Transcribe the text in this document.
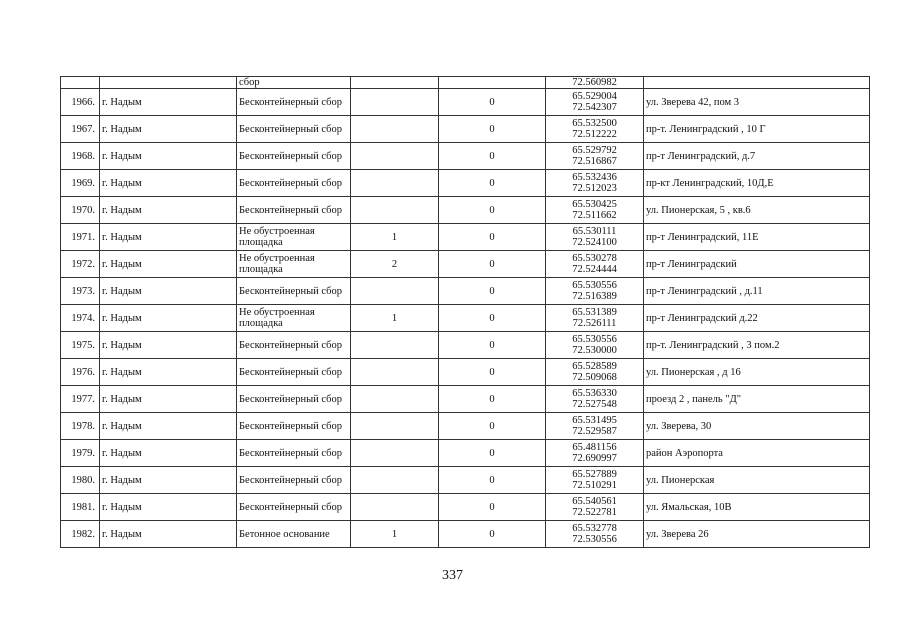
		сбор			72.560982	
1966.	г. Надым	Бесконтейнерный сбор		0	65.529004
72.542307	ул. Зверева 42, пом 3
1967.	г. Надым	Бесконтейнерный сбор		0	65.532500
72.512222	пр-т. Ленинградский , 10 Г
1968.	г. Надым	Бесконтейнерный сбор		0	65.529792
72.516867	пр-т Ленинградский, д.7
1969.	г. Надым	Бесконтейнерный сбор		0	65.532436
72.512023	пр-кт Ленинградский, 10Д,Е
1970.	г. Надым	Бесконтейнерный сбор		0	65.530425
72.511662	ул. Пионерская, 5 , кв.6
1971.	г. Надым	Не обустроенная площадка	1	0	65.530111
72.524100	пр-т Ленинградский, 11Е
1972.	г. Надым	Не обустроенная площадка	2	0	65.530278
72.524444	пр-т Ленинградский
1973.	г. Надым	Бесконтейнерный сбор		0	65.530556
72.516389	пр-т Ленинградский , д.11
1974.	г. Надым	Не обустроенная площадка	1	0	65.531389
72.526111	пр-т Ленинградский д.22
1975.	г. Надым	Бесконтейнерный сбор		0	65.530556
72.530000	пр-т. Ленинградский , 3 пом.2
1976.	г. Надым	Бесконтейнерный сбор		0	65.528589
72.509068	ул. Пионерская , д 16
1977.	г. Надым	Бесконтейнерный сбор		0	65.536330
72.527548	проезд 2 , панель "Д"
1978.	г. Надым	Бесконтейнерный сбор		0	65.531495
72.529587	ул. Зверева, 30
1979.	г. Надым	Бесконтейнерный сбор		0	65.481156
72.690997	район Аэропорта
1980.	г. Надым	Бесконтейнерный сбор		0	65.527889
72.510291	ул. Пионерская
1981.	г. Надым	Бесконтейнерный сбор		0	65.540561
72.522781	ул. Ямальская, 10В
1982.	г. Надым	Бетонное основание	1	0	65.532778
72.530556	ул. Зверева 26
337
